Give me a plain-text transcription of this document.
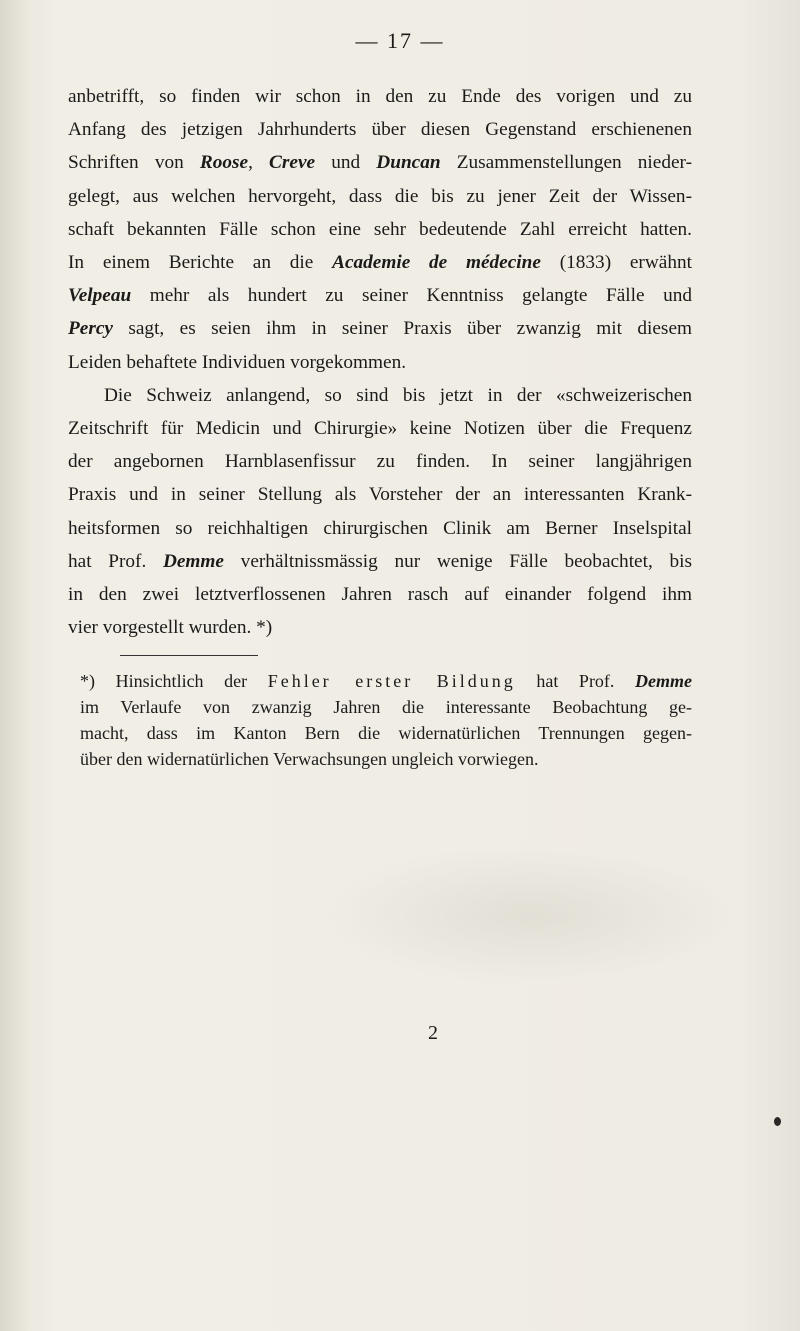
— 17 —
anbetrifft, so finden wir schon in den zu Ende des vorigen und zu
Anfang des jetzigen Jahrhunderts über diesen Gegenstand erschienenen
Schriften von Roose, Creve und Duncan Zusammenstellungen nieder-
gelegt, aus welchen hervorgeht, dass die bis zu jener Zeit der Wissen-
schaft bekannten Fälle schon eine sehr bedeutende Zahl erreicht hatten.
In einem Berichte an die Academie de médecine (1833) erwähnt
Velpeau mehr als hundert zu seiner Kenntniss gelangte Fälle und
Percy sagt, es seien ihm in seiner Praxis über zwanzig mit diesem
Leiden behaftete Individuen vorgekommen.
Die Schweiz anlangend, so sind bis jetzt in der «schweizerischen
Zeitschrift für Medicin und Chirurgie» keine Notizen über die Frequenz
der angebornen Harnblasenfissur zu finden. In seiner langjährigen
Praxis und in seiner Stellung als Vorsteher der an interessanten Krank-
heitsformen so reichhaltigen chirurgischen Clinik am Berner Inselspital
hat Prof. Demme verhältnissmässig nur wenige Fälle beobachtet, bis
in den zwei letztverflossenen Jahren rasch auf einander folgend ihm
vier vorgestellt wurden. *)
*) Hinsichtlich der Fehler erster Bildung hat Prof. Demme
im Verlaufe von zwanzig Jahren die interessante Beobachtung ge-
macht, dass im Kanton Bern die widernatürlichen Trennungen gegen-
über den widernatürlichen Verwachsungen ungleich vorwiegen.
2
